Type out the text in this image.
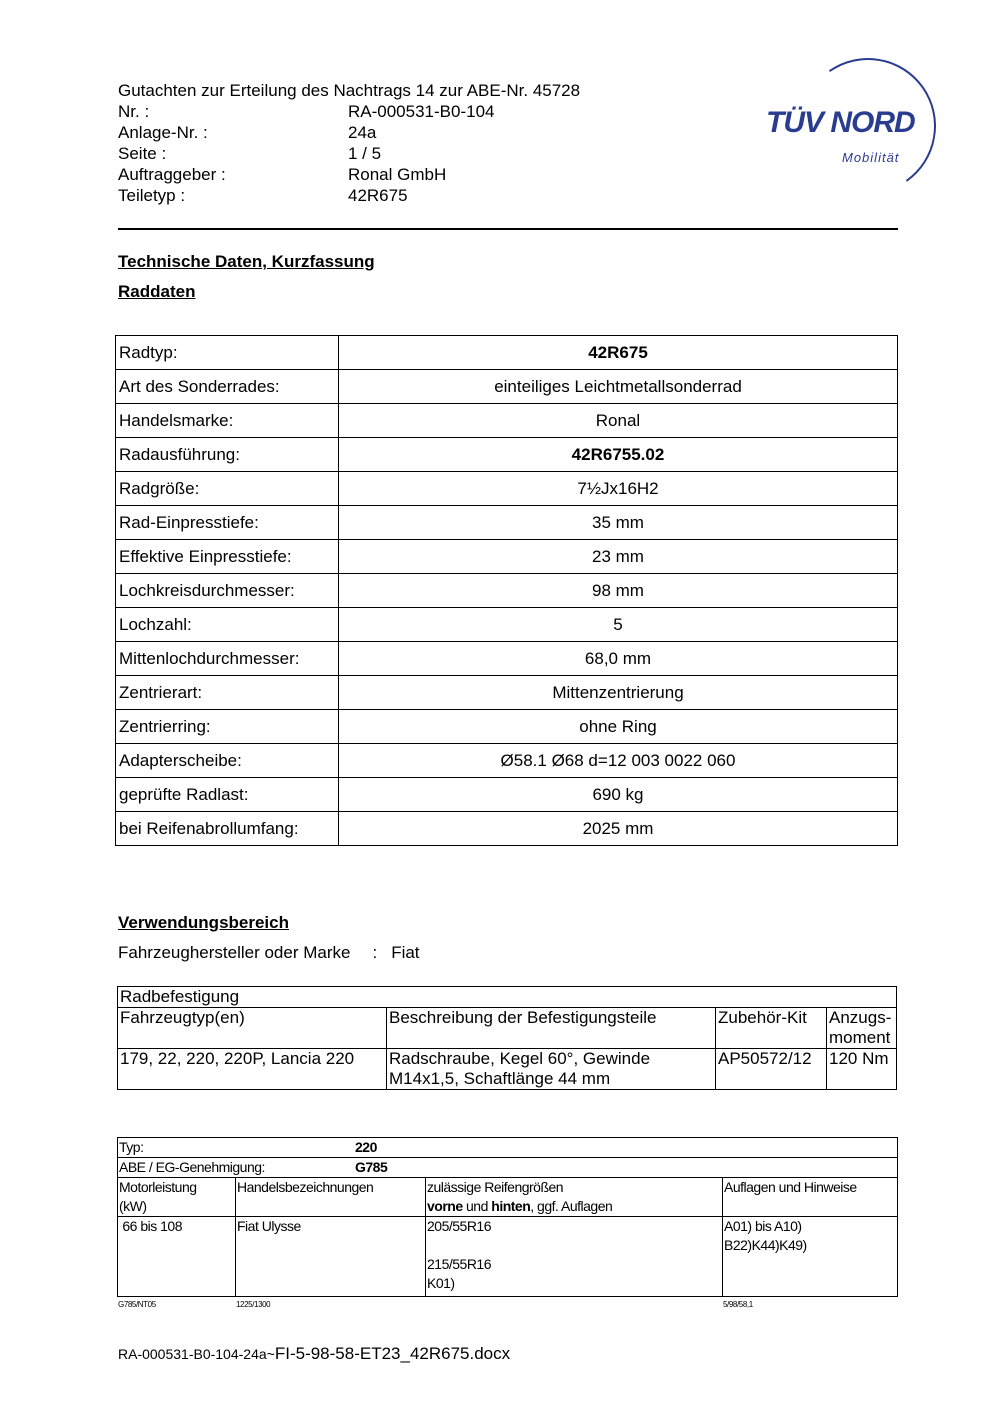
Gutachten zur Erteilung des Nachtrags 14 zur ABE-Nr. 45728
Nr. :	RA-000531-B0-104
Anlage-Nr. :	24a
Seite :	1 / 5
Auftraggeber :	Ronal GmbH
Teiletyp :	42R675
TÜV NORD
Mobilität
Technische Daten, Kurzfassung
Raddaten
Radtyp:	42R675
Art des Sonderrades:	einteiliges Leichtmetallsonderrad
Handelsmarke:	Ronal
Radausführung:	42R6755.02
Radgröße:	7½Jx16H2
Rad-Einpresstiefe:	35 mm
Effektive Einpresstiefe:	23 mm
Lochkreisdurchmesser:	98 mm
Lochzahl:	5
Mittenlochdurchmesser:	68,0 mm
Zentrierart:	Mittenzentrierung
Zentrierring:	ohne Ring
Adapterscheibe:	Ø58.1 Ø68 d=12 003 0022 060
geprüfte Radlast:	690 kg
bei Reifenabrollumfang:	2025 mm
Verwendungsbereich
Fahrzeughersteller oder Marke : Fiat
Radbefestigung			
Fahrzeugtyp(en)	Beschreibung der Befestigungsteile	Zubehör-Kit	Anzugs-
moment
179, 22, 220, 220P, Lancia 220	Radschraube, Kegel 60°, Gewinde
M14x1,5, Schaftlänge 44 mm	AP50572/12	120 Nm
Typ: 220			
ABE / EG-Genehmigung: G785			
Motorleistung
(kW)	Handelsbezeichnungen	zulässige Reifengrößen
vorne und hinten, ggf. Auflagen	Auflagen und Hinweise
66 bis 108	Fiat Ulysse	205/55R16

215/55R16
K01)	A01) bis A10)
B22)K44)K49)
G785/NT05	1225/1300	5/98/58,1
RA-000531-B0-104-24a~FI-5-98-58-ET23_42R675.docx
